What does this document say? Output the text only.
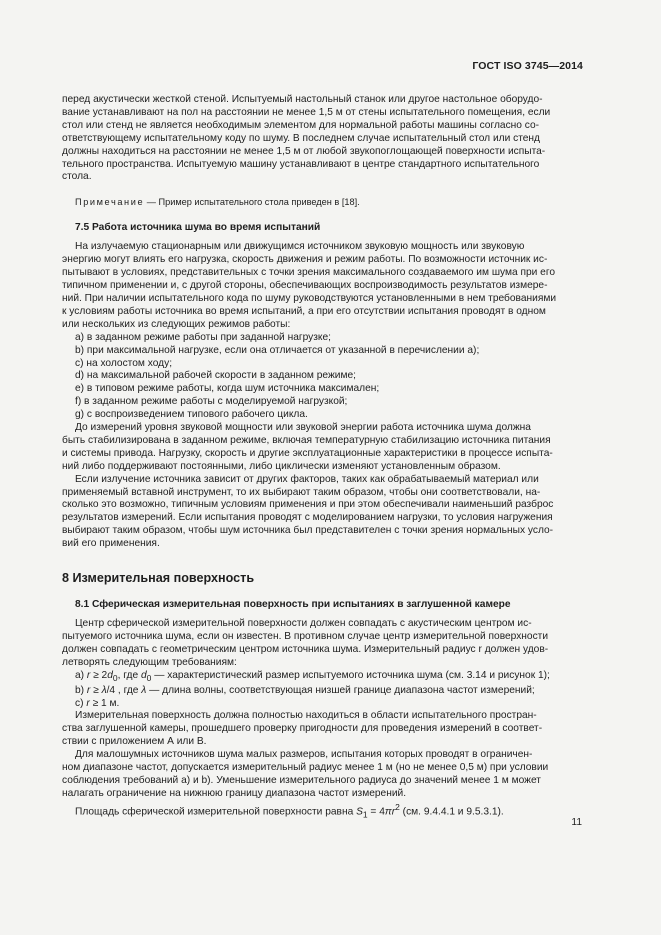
ГОСТ ISO 3745—2014

перед акустически жесткой стеной. Испытуемый настольный станок или другое настольное оборудо-

вание устанавливают на пол на расстоянии не менее 1,5 м от стены испытательного помещения, если

стол или стенд не является необходимым элементом для нормальной работы машины согласно со-

ответствующему испытательному коду по шуму. В последнем случае испытательный стол или стенд

должны находиться на расстоянии не менее 1,5 м от любой звукопоглощающей поверхности испыта-

тельного пространства. Испытуемую машину устанавливают в центре стандартного испытательного

стола.

Примечание — Пример испытательного стола приведен в [18].

7.5 Работа источника шума во время испытаний

На излучаемую стационарным или движущимся источником звуковую мощность или звуковую

энергию могут влиять его нагрузка, скорость движения и режим работы. По возможности источник ис-

пытывают в условиях, представительных с точки зрения максимального создаваемого им шума при его

типичном применении и, с другой стороны, обеспечивающих воспроизводимость результатов измере-

ний. При наличии испытательного кода по шуму руководствуются установленными в нем требованиями

к условиям работы источника во время испытаний, а при его отсутствии испытания проводят в одном

или нескольких из следующих режимов работы:

a) в заданном режиме работы при заданной нагрузке;

b) при максимальной нагрузке, если она отличается от указанной в перечислении а);

c) на холостом ходу;

d) на максимальной рабочей скорости в заданном режиме;

e) в типовом режиме работы, когда шум источника максимален;

f) в заданном режиме работы с моделируемой нагрузкой;

g) с воспроизведением типового рабочего цикла.

До измерений уровня звуковой мощности или звуковой энергии работа источника шума должна

быть стабилизирована в заданном режиме, включая температурную стабилизацию источника питания

и системы привода. Нагрузку, скорость и другие эксплуатационные характеристики в процессе испыта-

ний либо поддерживают постоянными, либо циклически изменяют установленным образом.

Если излучение источника зависит от других факторов, таких как обрабатываемый материал или

применяемый вставной инструмент, то их выбирают таким образом, чтобы они соответствовали, на-

сколько это возможно, типичным условиям применения и при этом обеспечивали наименьший разброс

результатов измерений. Если испытания проводят с моделированием нагрузки, то условия нагружения

выбирают таким образом, чтобы шум источника был представителен с точки зрения нормальных усло-

вий его применения.

8 Измерительная поверхность

8.1 Сферическая измерительная поверхность при испытаниях в заглушенной камере

Центр сферической измерительной поверхности должен совпадать с акустическим центром ис-

пытуемого источника шума, если он известен. В противном случае центр измерительной поверхности

должен совпадать с геометрическим центром источника шума. Измерительный радиус r должен удов-

летворять следующим требованиям:

a) $r \ge 2d_0$, где $d_0$ — характеристический размер испытуемого источника шума (см. 3.14 и рисунок 1);

b) r ≥ λ/4 , где λ — длина волны, соответствующая низшей границе диапазона частот измерений;

c) r ≥ 1 м.

Измерительная поверхность должна полностью находиться в области испытательного простран-

ства заглушенной камеры, прошедшего проверку пригодности для проведения измерений в соответ-

ствии с приложением А или В.

Для малошумных источников шума малых размеров, испытания которых проводят в ограничен-

ном диапазоне частот, допускается измерительный радиус менее 1 м (но не менее 0,5 м) при условии

соблюдения требований а) и b). Уменьшение измерительного радиуса до значений менее 1 м может

налагать ограничение на нижнюю границу диапазона частот измерений.

Площадь сферической измерительной поверхности равна $S_1 = 4\pi r^2$ (см. 9.4.4.1 и 9.5.3.1).

11
